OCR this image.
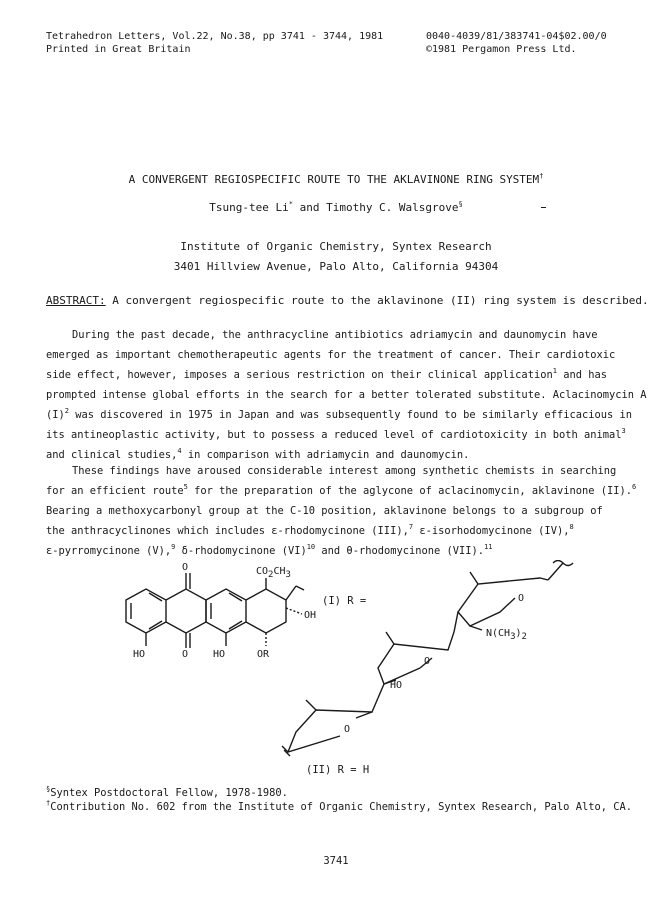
Tetrahedron Letters, Vol.22, No.38, pp 3741 - 3744, 1981
Printed in Great Britain
0040-4039/81/383741-04$02.00/0
©1981 Pergamon Press Ltd.
A CONVERGENT REGIOSPECIFIC ROUTE TO THE AKLAVINONE RING SYSTEM†
Tsung-tee Li* and Timothy C. Walsgrove§
Institute of Organic Chemistry, Syntex Research
3401 Hillview Avenue, Palo Alto, California 94304
ABSTRACT: A convergent regiospecific route to the aklavinone (II) ring system is described.
During the past decade, the anthracycline antibiotics adriamycin and daunomycin have
emerged as important chemotherapeutic agents for the treatment of cancer. Their cardiotoxic
side effect, however, imposes a serious restriction on their clinical application$^1$ and has
prompted intense global efforts in the search for a better tolerated substitute. Aclacinomycin A
$(I)^2$ was discovered in 1975 in Japan and was subsequently found to be similarly efficacious in
its antineoplastic activity, but to possess a reduced level of cardiotoxicity in both animal$^3$
and clinical studies,$^4$ in comparison with adriamycin and daunomycin.
These findings have aroused considerable interest among synthetic chemists in searching
for an efficient route$^5$ for the preparation of the aglycone of aclacinomycin, aklavinone (II).$^6$
Bearing a methoxycarbonyl group at the C-10 position, aklavinone belongs to a subgroup of
the anthracyclinones which includes ε-rhodomycinone (III),$^7$ ε-isorhodomycinone (IV),$^8$
ε-pyrromycinone (V),$^9$ δ-rhodomycinone (VI)$^{10}$ and θ-rhodomycinone (VII).$^{11}$
CO2CH3
O
OH
HO	O HO	OR
O
N(CH3)2
O
HO
O
(I) R =
(II) R = H
§Syntex Postdoctoral Fellow, 1978-1980.
†Contribution No. 602 from the Institute of Organic Chemistry, Syntex Research, Palo Alto, CA.
3741
